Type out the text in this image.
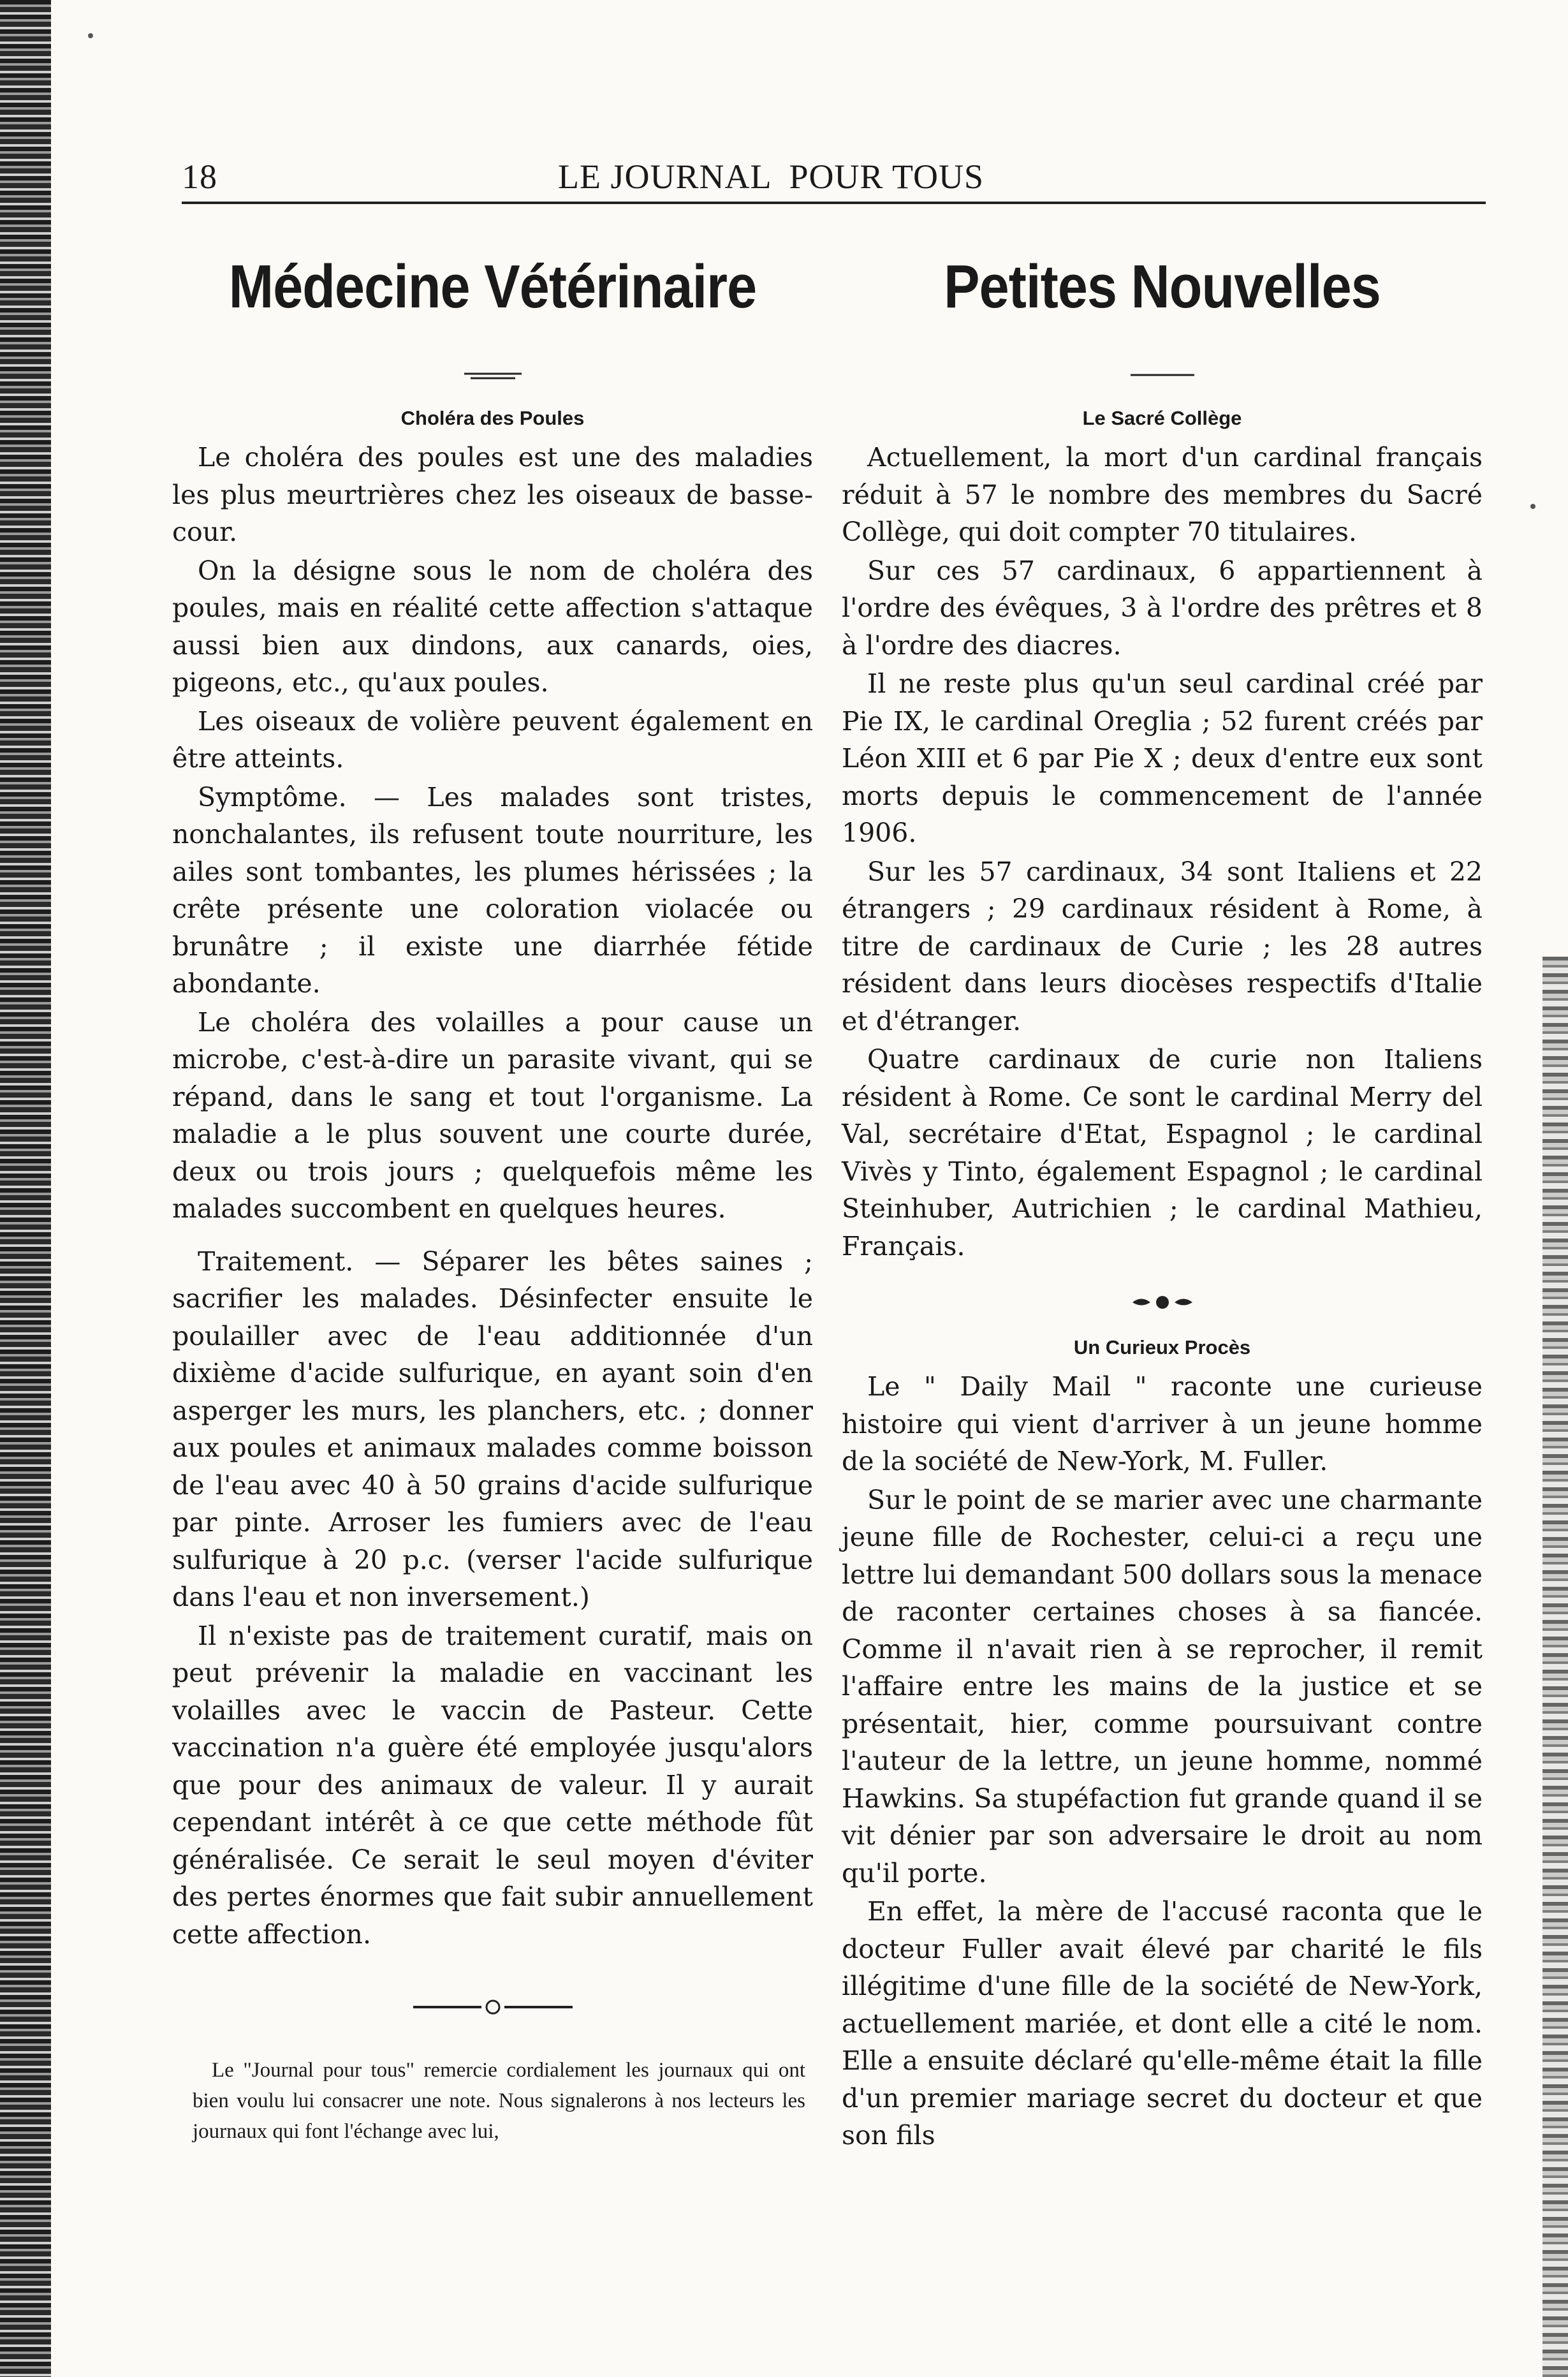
18	LE JOURNAL  POUR TOUS
Médecine Vétérinaire
Choléra des Poules

Le choléra des poules est une des maladies les plus meurtrières chez les oiseaux de basse-cour.

On la désigne sous le nom de choléra des poules, mais en réalité cette affection s'attaque aussi bien aux dindons, aux canards, oies, pigeons, etc., qu'aux poules.

Les oiseaux de volière peuvent également en être atteints.

Symptôme. — Les malades sont tristes, nonchalantes, ils refusent toute nourriture, les ailes sont tombantes, les plumes hérissées ; la crête présente une coloration violacée ou brunâtre ; il existe une diarrhée fétide abondante.

Le choléra des volailles a pour cause un microbe, c'est-à-dire un parasite vivant, qui se répand, dans le sang et tout l'organisme. La maladie a le plus souvent une courte durée, deux ou trois jours ; quelquefois même les malades succombent en quelques heures.

Traitement. — Séparer les bêtes saines ; sacrifier les malades. Désinfecter ensuite le poulailler avec de l'eau additionnée d'un dixième d'acide sulfurique, en ayant soin d'en asperger les murs, les planchers, etc. ; donner aux poules et animaux malades comme boisson de l'eau avec 40 à 50 grains d'acide sulfurique par pinte. Arroser les fumiers avec de l'eau sulfurique à 20 p.c. (verser l'acide sulfurique dans l'eau et non inversement.)

Il n'existe pas de traitement curatif, mais on peut prévenir la maladie en vaccinant les volailles avec le vaccin de Pasteur. Cette vaccination n'a guère été employée jusqu'alors que pour des animaux de valeur. Il y aurait cependant intérêt à ce que cette méthode fût généralisée. Ce serait le seul moyen d'éviter des pertes énormes que fait subir annuellement cette affection.

Le "Journal pour tous" remercie cordialement les journaux qui ont bien voulu lui consacrer une note. Nous signalerons à nos lecteurs les journaux qui font l'échange avec lui,

Petites Nouvelles
Le Sacré Collège

Actuellement, la mort d'un cardinal français réduit à 57 le nombre des membres du Sacré Collège, qui doit compter 70 titulaires.

Sur ces 57 cardinaux, 6 appartiennent à l'ordre des évêques, 3 à l'ordre des prêtres et 8 à l'ordre des diacres.

Il ne reste plus qu'un seul cardinal créé par Pie IX, le cardinal Oreglia ; 52 furent créés par Léon XIII et 6 par Pie X ; deux d'entre eux sont morts depuis le commencement de l'année 1906.

Sur les 57 cardinaux, 34 sont Italiens et 22 étrangers ; 29 cardinaux résident à Rome, à titre de cardinaux de Curie ; les 28 autres résident dans leurs diocèses respectifs d'Italie et d'étranger.

Quatre cardinaux de curie non Italiens résident à Rome. Ce sont le cardinal Merry del Val, secrétaire d'Etat, Espagnol ; le cardinal Vivès y Tinto, également Espagnol ; le cardinal Steinhuber, Autrichien ; le cardinal Mathieu, Français.

Un Curieux Procès

Le " Daily Mail " raconte une curieuse histoire qui vient d'arriver à un jeune homme de la société de New-York, M. Fuller.

Sur le point de se marier avec une charmante jeune fille de Rochester, celui-ci a reçu une lettre lui demandant 500 dollars sous la menace de raconter certaines choses à sa fiancée. Comme il n'avait rien à se reprocher, il remit l'affaire entre les mains de la justice et se présentait, hier, comme poursuivant contre l'auteur de la lettre, un jeune homme, nommé Hawkins. Sa stupéfaction fut grande quand il se vit dénier par son adversaire le droit au nom qu'il porte.

En effet, la mère de l'accusé raconta que le docteur Fuller avait élevé par charité le fils illégitime d'une fille de la société de New-York, actuellement mariée, et dont elle a cité le nom. Elle a ensuite déclaré qu'elle-même était la fille d'un premier mariage secret du docteur et que son fils
